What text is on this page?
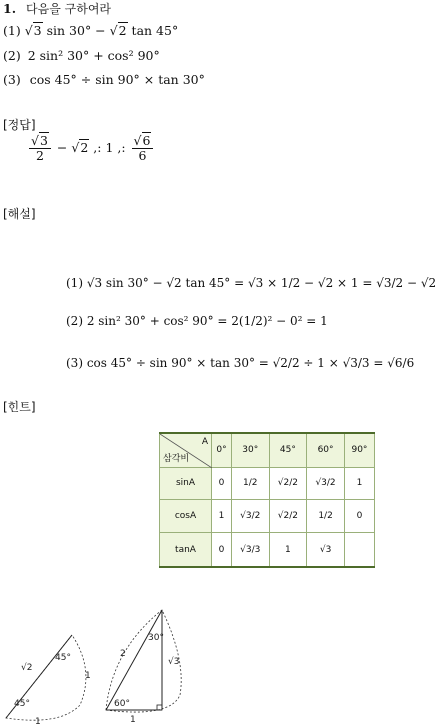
1. 다음을 구하여라
(1) √3 sin 30° − √2 tan 45°
(2) 2 sin² 30° + cos² 90°
(3) cos 45° ÷ sin 90° × tan 30°
[정답]
$\frac{√3}{2} - √2$ ,: 1 ,: $\frac{√6}{6}$
[해설]
(1) √3 sin 30° − √2 tan 45° = √3 × 1/2 − √2 × 1 = √3/2 − √2
(2) 2 sin² 30° + cos² 90° = 2(1/2)² − 0² = 1
(3) cos 45° ÷ sin 90° × tan 30° = √2/2 ÷ 1 × √3/3 = √6/6
[힌트]
A
삼각비	0°	30°	45°	60°	90°
sinA	0	1/2	√2/2	√3/2	1
cosA	1	√3/2	√2/2	1/2	0
tanA	0	√3/3	1	√3	
√2
45°
45°
1
1
30°
2
√3
60°
1
